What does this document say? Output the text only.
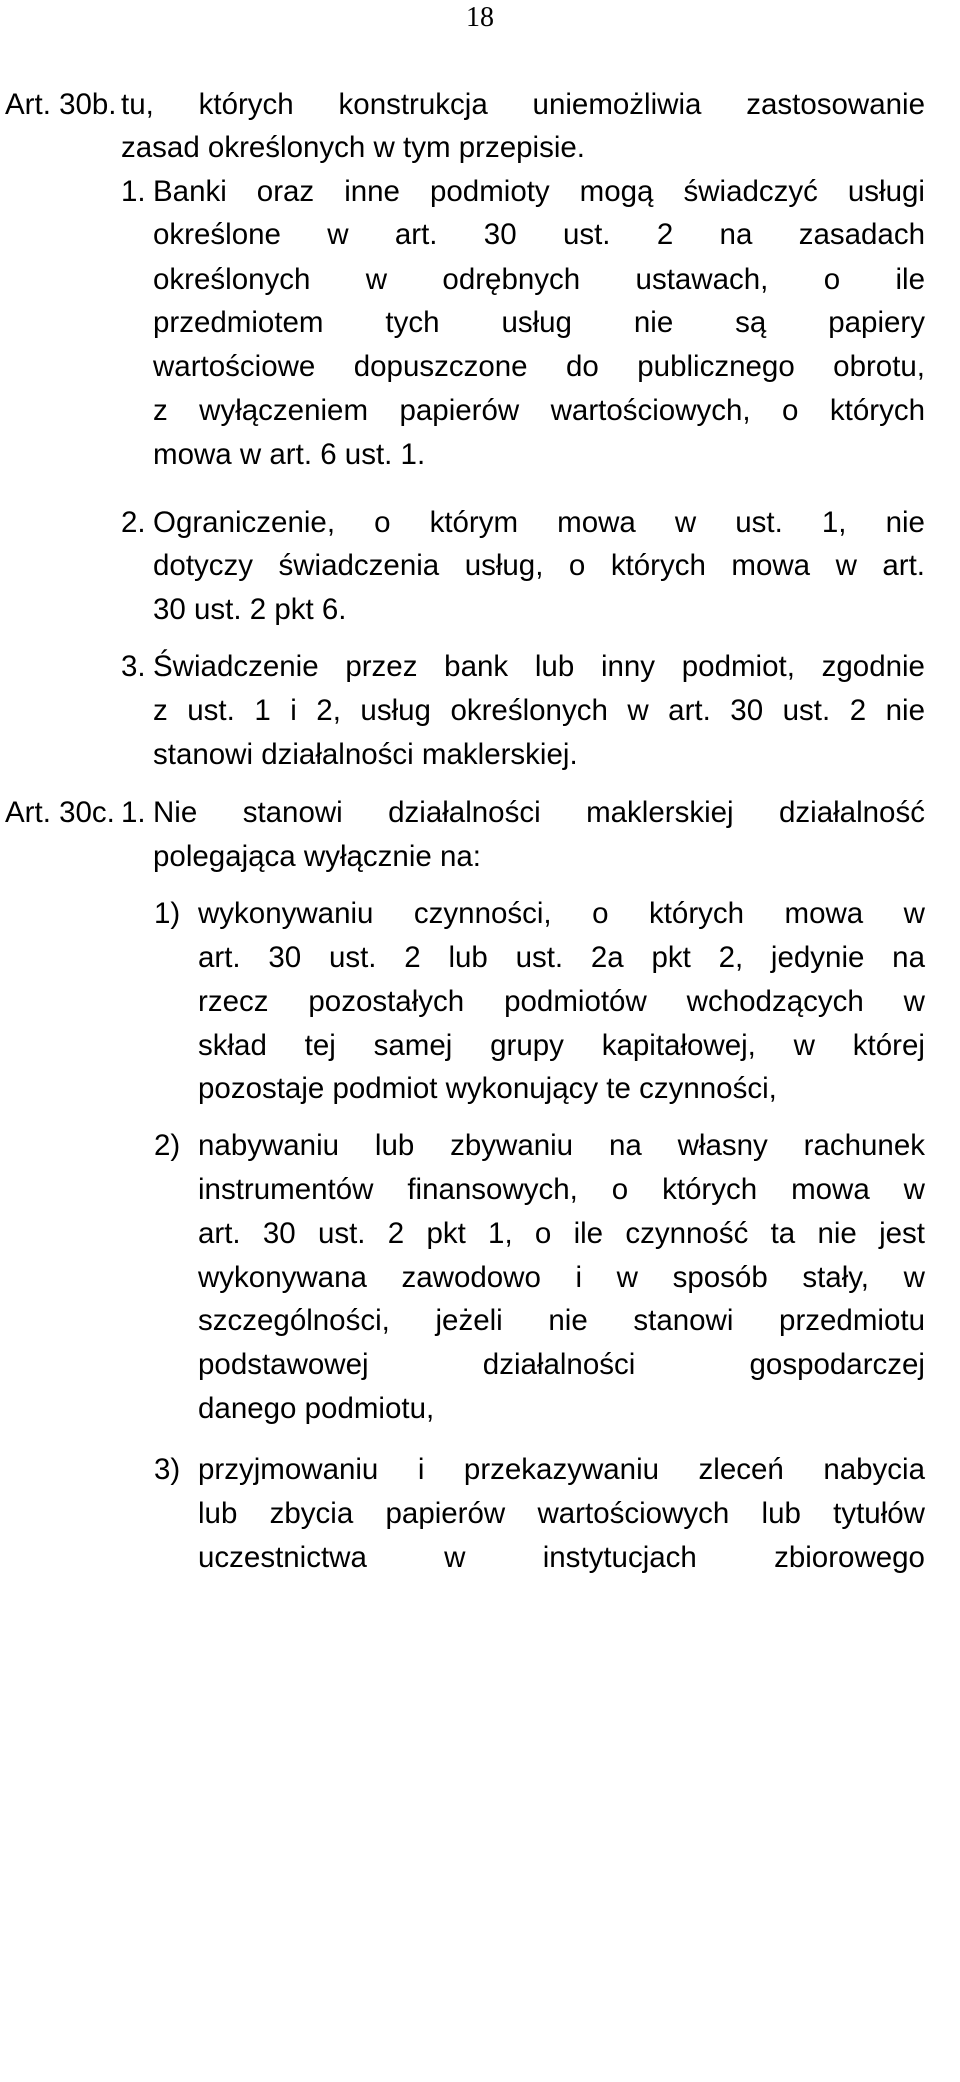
18
Art. 30b.
1.
2.
3.
Art. 30c. 1.
1)
2)
3)
tu, których konstrukcja uniemożliwia zastosowanie
zasad określonych w tym przepisie.
Banki oraz inne podmioty mogą świadczyć usługi
określone w art. 30 ust. 2 na zasadach
określonych w odrębnych ustawach, o ile
przedmiotem tych usług nie są papiery
wartościowe dopuszczone do publicznego obrotu,
z wyłączeniem papierów wartościowych, o których
mowa w art. 6 ust. 1.
Ograniczenie, o którym mowa w ust. 1, nie
dotyczy świadczenia usług, o których mowa w art.
30 ust. 2 pkt 6.
Świadczenie przez bank lub inny podmiot, zgodnie
z ust. 1 i 2, usług określonych w art. 30 ust. 2 nie
stanowi działalności maklerskiej.
Nie stanowi działalności maklerskiej działalność
polegająca wyłącznie na:
wykonywaniu czynności, o których mowa w
art. 30 ust. 2 lub ust. 2a pkt 2, jedynie na
rzecz pozostałych podmiotów wchodzących w
skład tej samej grupy kapitałowej, w której
pozostaje podmiot wykonujący te czynności,
nabywaniu lub zbywaniu na własny rachunek
instrumentów finansowych, o których mowa w
art. 30 ust. 2 pkt 1, o ile czynność ta nie jest
wykonywana zawodowo i w sposób stały, w
szczególności, jeżeli nie stanowi przedmiotu
podstawowej	działalności	gospodarczej
danego podmiotu,
przyjmowaniu i przekazywaniu zleceń nabycia
lub zbycia papierów wartościowych lub tytułów
uczestnictwa	w	instytucjach	zbiorowego
